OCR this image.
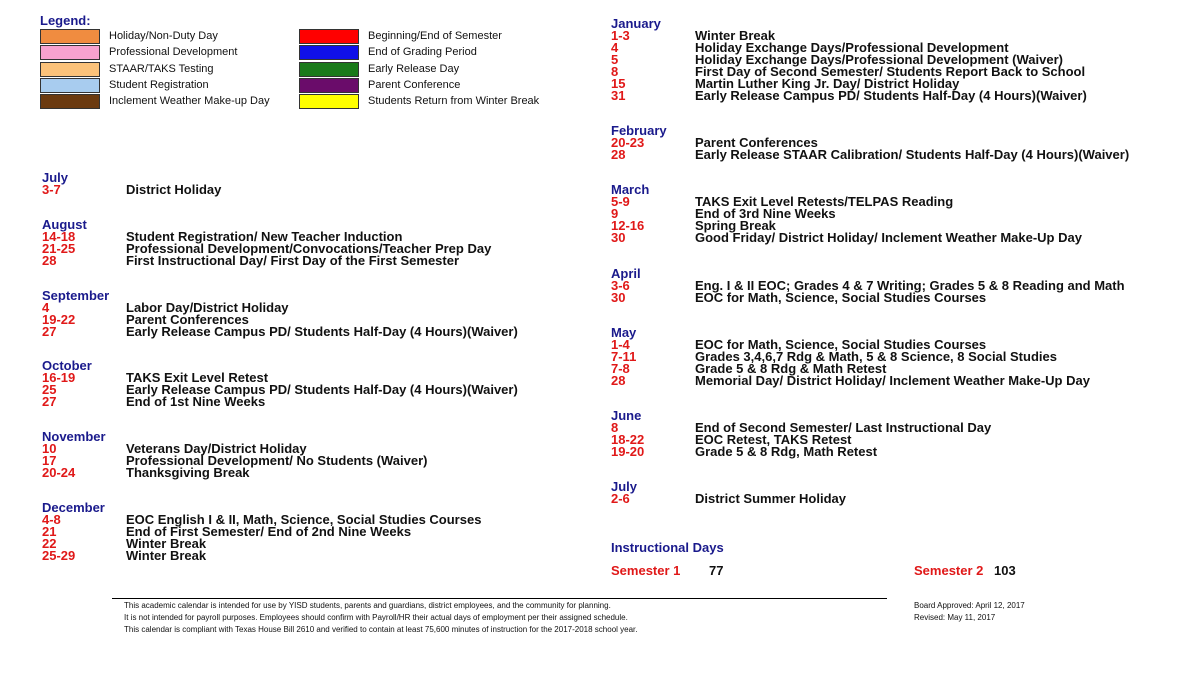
Legend:
Holiday/Non-Duty Day
Professional Development
STAAR/TAKS Testing
Student Registration
Inclement Weather Make-up Day
Beginning/End of Semester
End of Grading Period
Early Release Day
Parent Conference
Students Return from Winter Break
July
3-7	District Holiday
August
14-18	Student Registration/ New Teacher Induction
21-25	Professional Development/Convocations/Teacher Prep Day
28	First Instructional Day/ First Day of the First Semester
September
4	Labor Day/District Holiday
19-22	Parent Conferences
27	Early Release Campus PD/ Students Half-Day (4 Hours)(Waiver)
October
16-19	TAKS Exit Level Retest
25	Early Release Campus PD/ Students Half-Day (4 Hours)(Waiver)
27	End of 1st Nine Weeks
November
10	Veterans Day/District Holiday
17	Professional Development/ No Students (Waiver)
20-24	Thanksgiving Break
December
4-8	EOC English I & II, Math, Science, Social Studies Courses
21	End of First Semester/ End of 2nd Nine Weeks
22	Winter Break
25-29	Winter Break
January
1-3	Winter Break
4	Holiday Exchange Days/Professional Development
5	Holiday Exchange Days/Professional Development (Waiver)
8	First Day of Second Semester/ Students Report Back to School
15	Martin Luther King Jr. Day/ District Holiday
31	Early Release Campus PD/ Students Half-Day (4 Hours)(Waiver)
February
20-23	Parent Conferences
28	Early Release STAAR Calibration/ Students Half-Day (4 Hours)(Waiver)
March
5-9	TAKS Exit Level Retests/TELPAS Reading
9	End of 3rd Nine Weeks
12-16	Spring Break
30	Good Friday/ District Holiday/ Inclement Weather Make-Up Day
April
3-6	Eng. I & II EOC; Grades 4 & 7 Writing; Grades 5 & 8 Reading and Math
30	EOC for Math, Science, Social Studies Courses
May
1-4	EOC for Math, Science, Social Studies Courses
7-11	Grades 3,4,6,7 Rdg & Math, 5 & 8 Science, 8 Social Studies
7-8	Grade 5 & 8 Rdg & Math Retest
28	Memorial Day/ District Holiday/ Inclement Weather Make-Up Day
June
8	End of Second Semester/ Last Instructional Day
18-22	EOC Retest, TAKS Retest
19-20	Grade 5 & 8 Rdg, Math Retest
July
2-6	District Summer Holiday
Instructional Days
Semester 1 77	Semester 2 103
This academic calendar is intended for use by YISD students, parents and guardians, district employees, and the community for planning.
It is not intended for payroll purposes. Employees should confirm with Payroll/HR their actual days of employment per their assigned schedule.
This calendar is compliant with Texas House Bill 2610 and verified to contain at least 75,600 minutes of instruction for the 2017-2018 school year.
Board Approved: April 12, 2017
Revised: May 11, 2017
